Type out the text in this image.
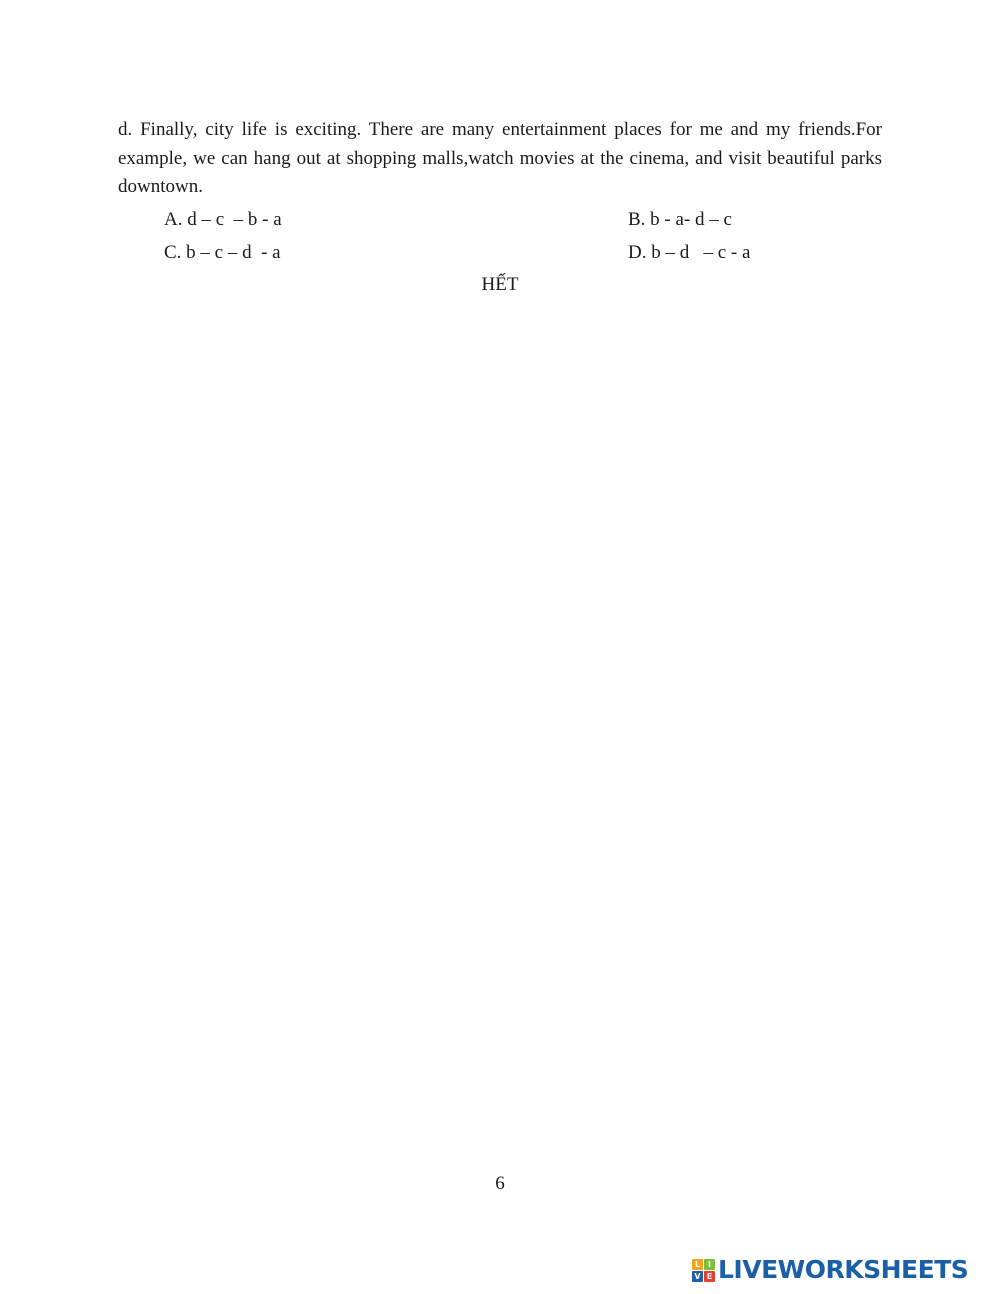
d. Finally, city life is exciting. There are many entertainment places for me and my friends.For example, we can hang out at shopping malls,watch movies at the cinema, and visit beautiful parks downtown.

A. d – c  – b - a	B. b - a- d – c
C. b – c – d  - a	D. b – d   – c - a
HẾT
6
L I
V E LIVEWORKSHEETS
